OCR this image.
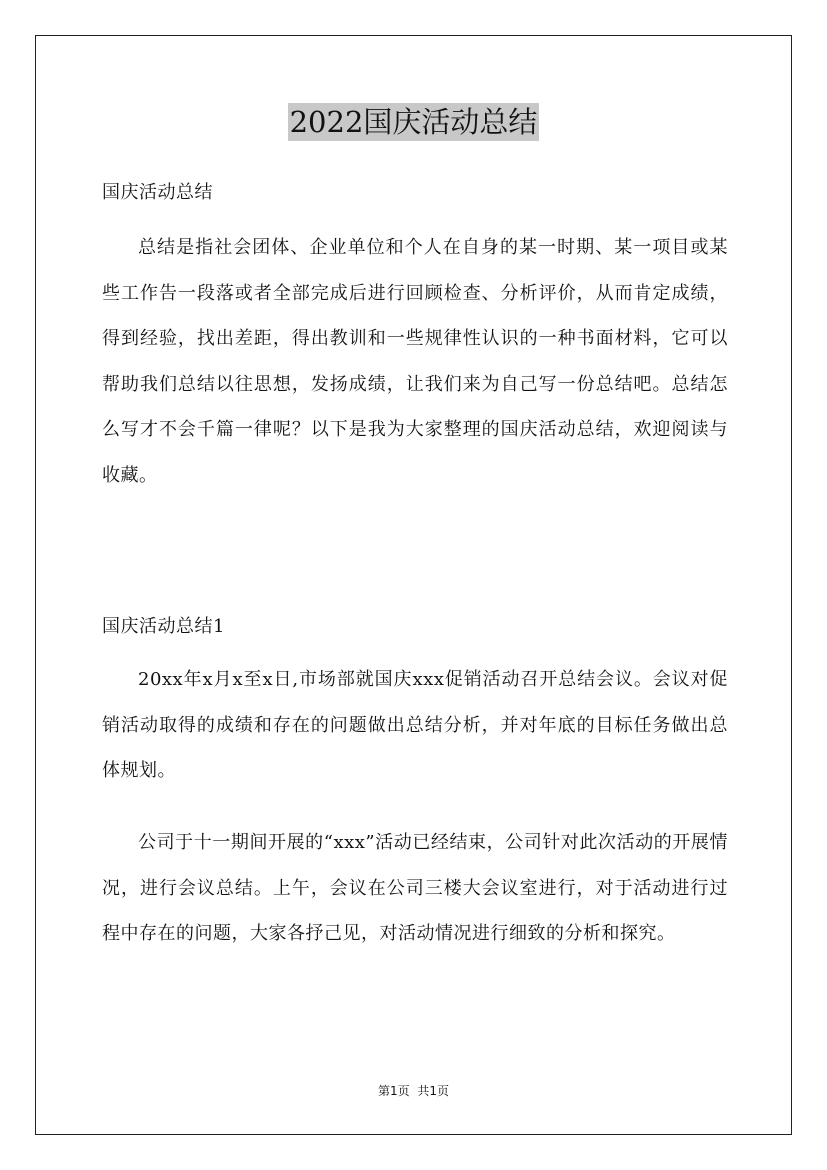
2022国庆活动总结

国庆活动总结

总结是指社会团体、企业单位和个人在自身的某一时期、某一项目或某些工作告一段落或者全部完成后进行回顾检查、分析评价，从而肯定成绩，得到经验，找出差距，得出教训和一些规律性认识的一种书面材料，它可以帮助我们总结以往思想，发扬成绩，让我们来为自己写一份总结吧。总结怎么写才不会千篇一律呢？以下是我为大家整理的国庆活动总结，欢迎阅读与收藏。

国庆活动总结1

20xx年x月x至x日,市场部就国庆xxx促销活动召开总结会议。会议对促销活动取得的成绩和存在的问题做出总结分析，并对年底的目标任务做出总体规划。

公司于十一期间开展的“xxx”活动已经结束，公司针对此次活动的开展情况，进行会议总结。上午，会议在公司三楼大会议室进行，对于活动进行过程中存在的问题，大家各抒己见，对活动情况进行细致的分析和探究。

第1页 共1页
